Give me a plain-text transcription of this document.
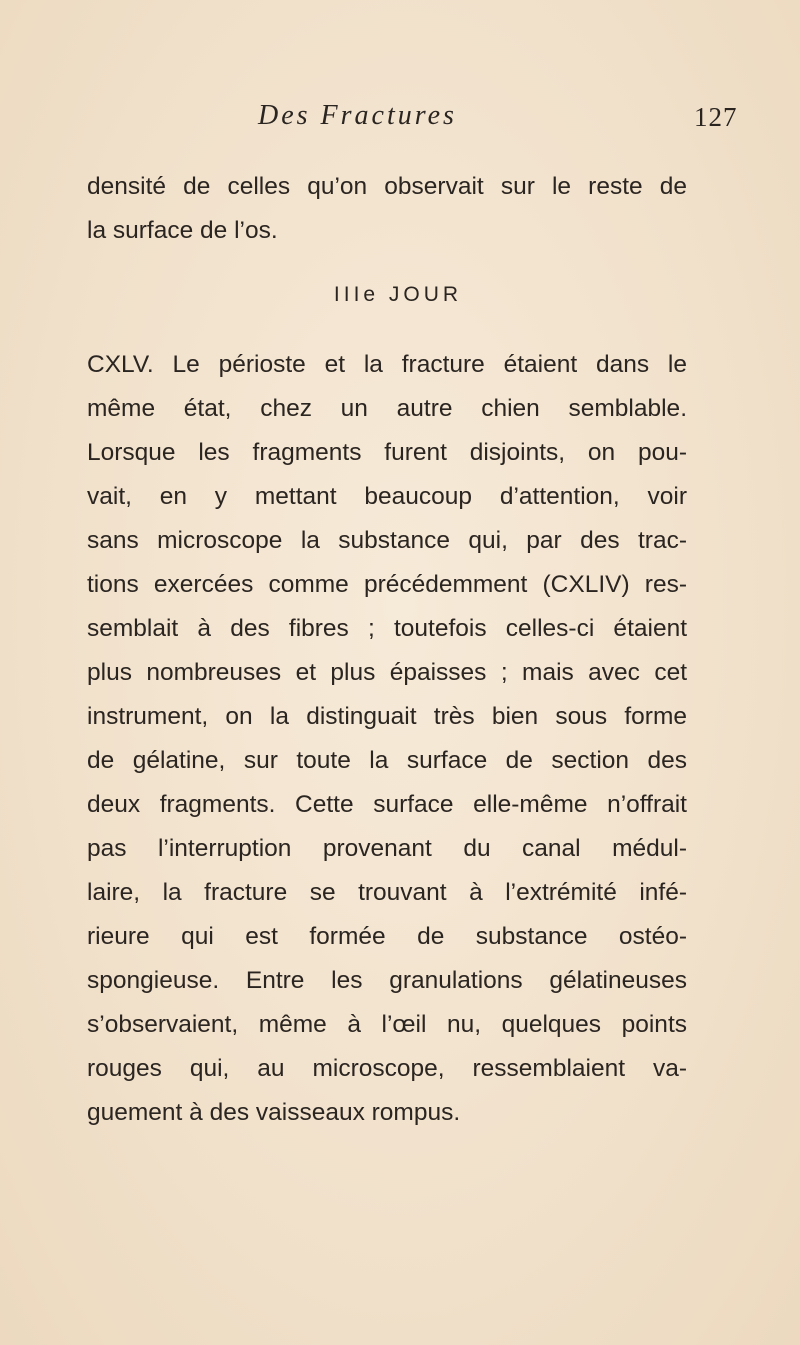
Des Fractures	127
densité de celles qu’on observait sur le reste de
la surface de l’os.
IIIe JOUR
CXLV. Le périoste et la fracture étaient dans le
même état, chez un autre chien semblable.
Lorsque les fragments furent disjoints, on pou-
vait, en y mettant beaucoup d’attention, voir
sans microscope la substance qui, par des trac-
tions exercées comme précédemment (CXLIV) res-
semblait à des fibres ; toutefois celles-ci étaient
plus nombreuses et plus épaisses ; mais avec cet
instrument, on la distinguait très bien sous forme
de gélatine, sur toute la surface de section des
deux fragments. Cette surface elle-même n’offrait
pas l’interruption provenant du canal médul-
laire, la fracture se trouvant à l’extrémité infé-
rieure qui est formée de substance ostéo-
spongieuse. Entre les granulations gélatineuses
s’observaient, même à l’œil nu, quelques points
rouges qui, au microscope, ressemblaient va-
guement à des vaisseaux rompus.
